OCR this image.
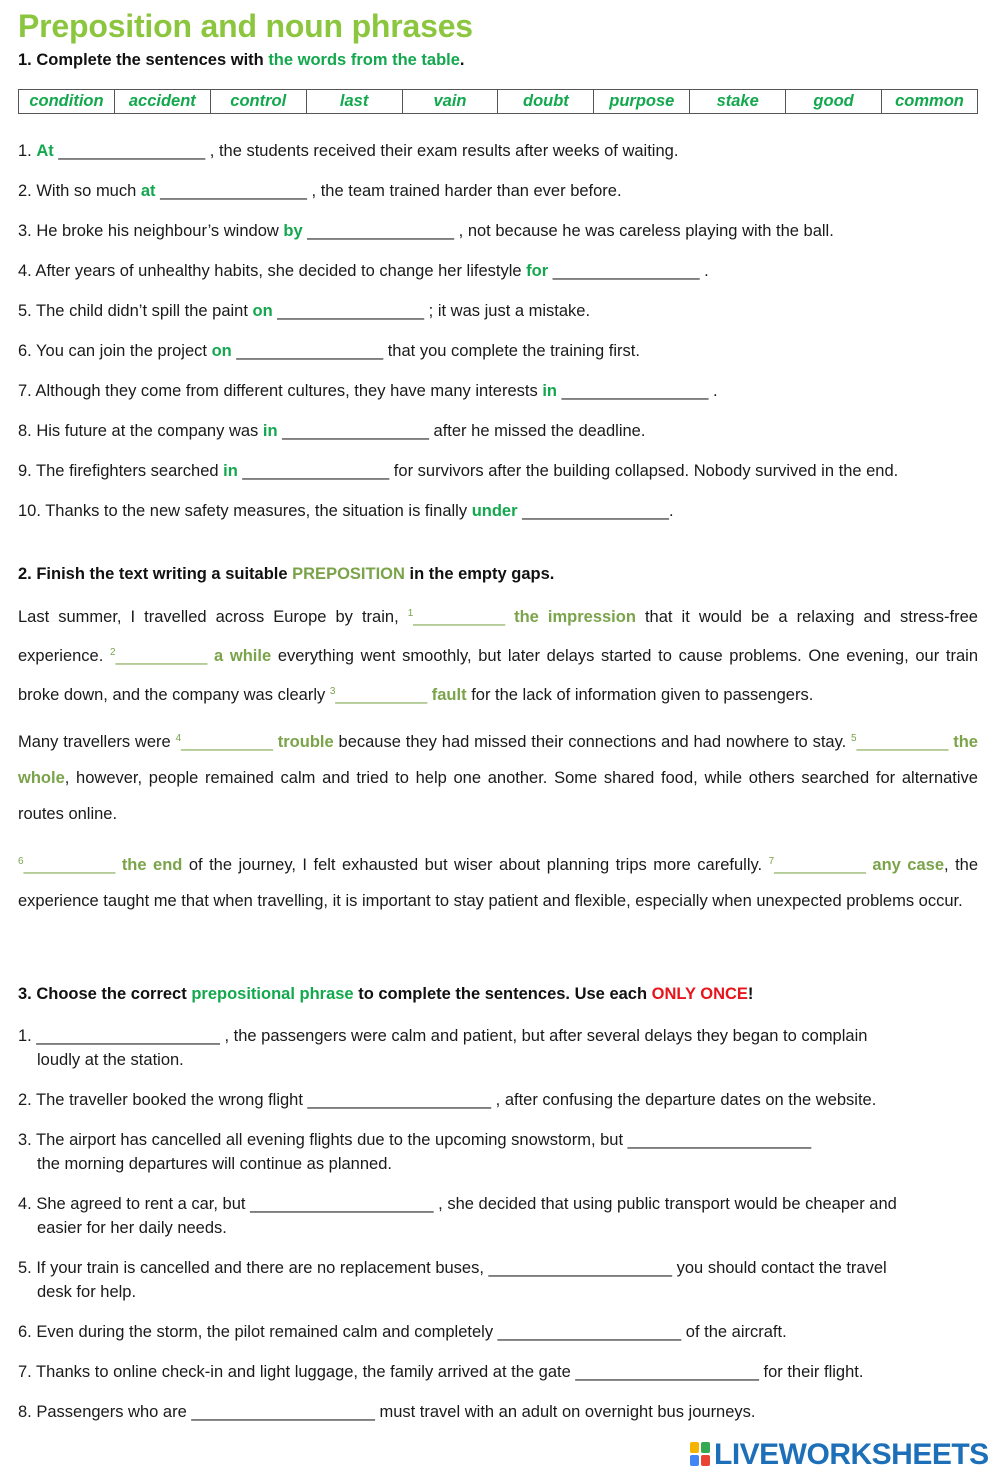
Preposition and noun phrases
1. Complete the sentences with the words from the table.
condition	accident	control	last	vain	doubt	purpose	stake	good	common
1. At ________________ , the students received their exam results after weeks of waiting.
2. With so much at ________________ , the team trained harder than ever before.
3. He broke his neighbour’s window by ________________ , not because he was careless playing with the ball.
4. After years of unhealthy habits, she decided to change her lifestyle for ________________ .
5. The child didn’t spill the paint on ________________ ; it was just a mistake.
6. You can join the project on ________________ that you complete the training first.
7. Although they come from different cultures, they have many interests in ________________ .
8. His future at the company was in ________________ after he missed the deadline.
9. The firefighters searched in ________________ for survivors after the building collapsed. Nobody survived in the end.
10. Thanks to the new safety measures, the situation is finally under ________________.
2. Finish the text writing a suitable PREPOSITION in the empty gaps.
Last summer, I travelled across Europe by train, $^1$__________ the impression that it would be a relaxing and stress-free experience. $^2$__________ a while everything went smoothly, but later delays started to cause problems. One evening, our train broke down, and the company was clearly $^3$__________ fault for the lack of information given to passengers.
Many travellers were $^4$__________ trouble because they had missed their connections and had nowhere to stay. $^5$__________ the whole, however, people remained calm and tried to help one another. Some shared food, while others searched for alternative routes online.
$^6$__________ the end of the journey, I felt exhausted but wiser about planning trips more carefully. $^7$__________ any case, the experience taught me that when travelling, it is important to stay patient and flexible, especially when unexpected problems occur.
3. Choose the correct prepositional phrase to complete the sentences. Use each ONLY ONCE!
1. ____________________ , the passengers were calm and patient, but after several delays they began to complain
loudly at the station.
2. The traveller booked the wrong flight ____________________ , after confusing the departure dates on the website.
3. The airport has cancelled all evening flights due to the upcoming snowstorm, but ____________________
the morning departures will continue as planned.
4. She agreed to rent a car, but ____________________ , she decided that using public transport would be cheaper and
easier for her daily needs.
5. If your train is cancelled and there are no replacement buses, ____________________ you should contact the travel
desk for help.
6. Even during the storm, the pilot remained calm and completely ____________________ of the aircraft.
7. Thanks to online check-in and light luggage, the family arrived at the gate ____________________ for their flight.
8. Passengers who are ____________________ must travel with an adult on overnight bus journeys.
LIVEWORKSHEETS
